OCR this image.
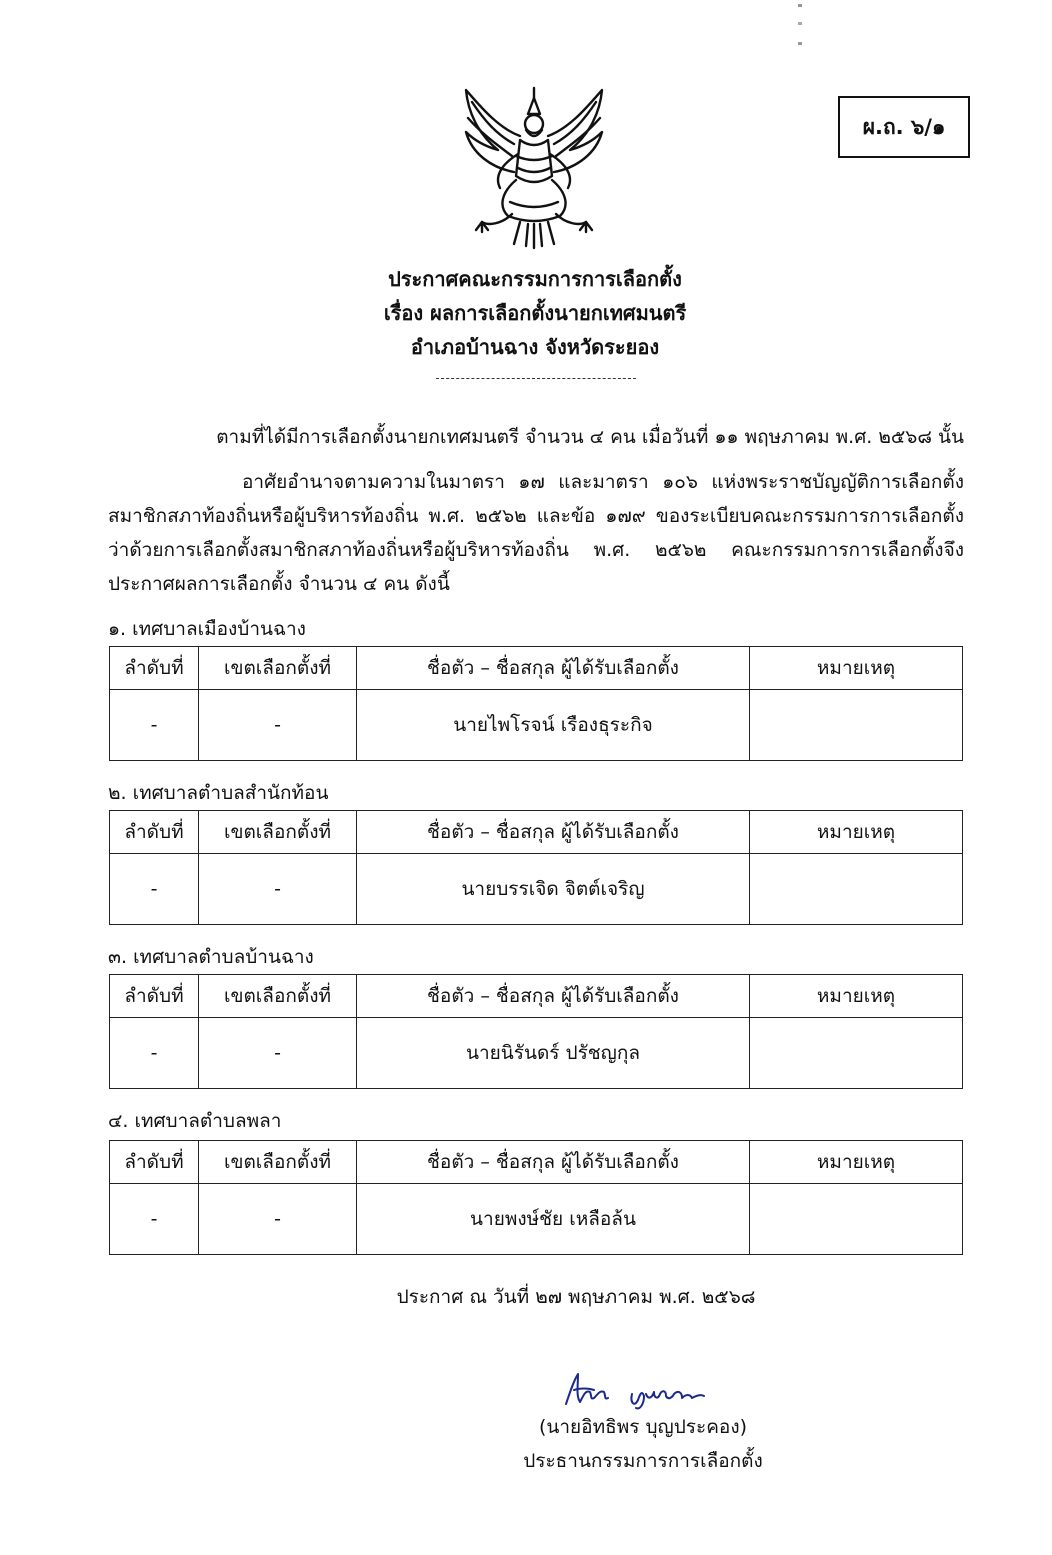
ผ.ถ. ๖/๑
ประกาศคณะกรรมการการเลือกตั้ง
เรื่อง ผลการเลือกตั้งนายกเทศมนตรี
อำเภอบ้านฉาง จังหวัดระยอง
ตามที่ได้มีการเลือกตั้งนายกเทศมนตรี จำนวน ๔ คน เมื่อวันที่ ๑๑ พฤษภาคม พ.ศ. ๒๕๖๘ นั้น
อาศัยอำนาจตามความในมาตรา ๑๗ และมาตรา ๑๐๖ แห่งพระราชบัญญัติการเลือกตั้งสมาชิกสภาท้องถิ่นหรือผู้บริหารท้องถิ่น พ.ศ. ๒๕๖๒ และข้อ ๑๗๙ ของระเบียบคณะกรรมการการเลือกตั้งว่าด้วยการเลือกตั้งสมาชิกสภาท้องถิ่นหรือผู้บริหารท้องถิ่น พ.ศ. ๒๕๖๒ คณะกรรมการการเลือกตั้งจึงประกาศผลการเลือกตั้ง จำนวน ๔ คน ดังนี้
๑. เทศบาลเมืองบ้านฉาง
ลำดับที่	เขตเลือกตั้งที่	ชื่อตัว – ชื่อสกุล ผู้ได้รับเลือกตั้ง	หมายเหตุ
-	-	นายไพโรจน์ เรืองธุระกิจ	
๒. เทศบาลตำบลสำนักท้อน
ลำดับที่	เขตเลือกตั้งที่	ชื่อตัว – ชื่อสกุล ผู้ได้รับเลือกตั้ง	หมายเหตุ
-	-	นายบรรเจิด จิตต์เจริญ	
๓. เทศบาลตำบลบ้านฉาง
ลำดับที่	เขตเลือกตั้งที่	ชื่อตัว – ชื่อสกุล ผู้ได้รับเลือกตั้ง	หมายเหตุ
-	-	นายนิรันดร์ ปรัชญกุล	
๔. เทศบาลตำบลพลา
ลำดับที่	เขตเลือกตั้งที่	ชื่อตัว – ชื่อสกุล ผู้ได้รับเลือกตั้ง	หมายเหตุ
-	-	นายพงษ์ชัย เหลือล้น	
ประกาศ ณ วันที่ ๒๗ พฤษภาคม พ.ศ. ๒๕๖๘
(นายอิทธิพร บุญประคอง)
ประธานกรรมการการเลือกตั้ง
